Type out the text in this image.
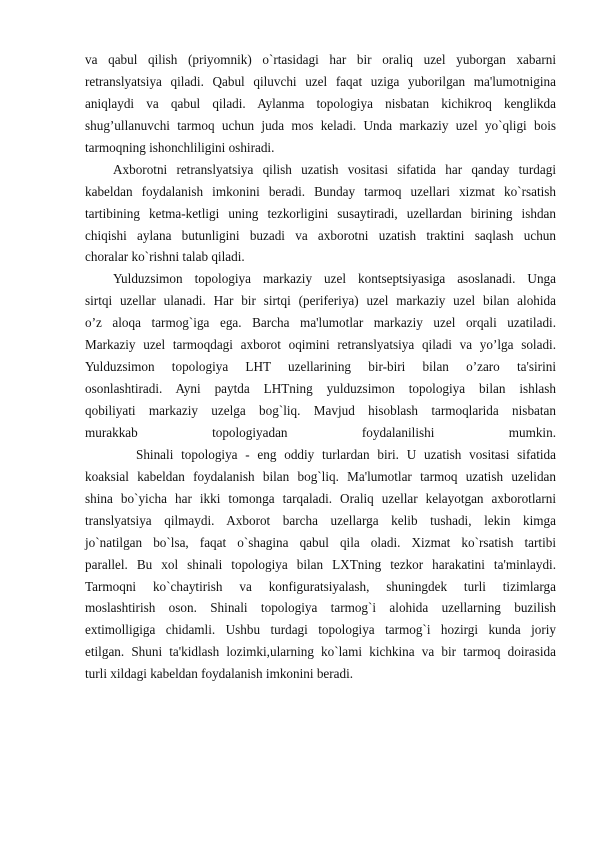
va qabul qilish (priyomnik) o`rtasidagi har bir oraliq uzel yuborgan xabarni
retranslyatsiya qiladi. Qabul qiluvchi uzel faqat uziga yuborilgan ma'lumotnigina
aniqlaydi va qabul qiladi. Aylanma topologiya nisbatan kichikroq kenglikda
shug’ullanuvchi tarmoq uchun juda mos keladi. Unda markaziy uzel yo`qligi bois
tarmoqning ishonchliligini oshiradi.
Axborotni retranslyatsiya qilish uzatish vositasi sifatida har qanday turdagi
kabeldan foydalanish imkonini beradi. Bunday tarmoq uzellari xizmat ko`rsatish
tartibining ketma-ketligi uning tezkorligini susaytiradi, uzellardan birining ishdan
chiqishi aylana butunligini buzadi va axborotni uzatish traktini saqlash uchun
choralar ko`rishni talab qiladi.
Yulduzsimon topologiya markaziy uzel kontseptsiyasiga asoslanadi. Unga
sirtqi uzellar ulanadi. Har bir sirtqi (periferiya) uzel markaziy uzel bilan alohida
o’z aloqa tarmog`iga ega. Barcha ma'lumotlar markaziy uzel orqali uzatiladi.
Markaziy uzel tarmoqdagi axborot oqimini retranslyatsiya qiladi va yo’lga soladi.
Yulduzsimon topologiya LHT uzellarining bir-biri bilan o’zaro ta'sirini
osonlashtiradi. Ayni paytda LHTning yulduzsimon topologiya bilan ishlash
qobiliyati markaziy uzelga bog`liq. Mavjud hisoblash tarmoqlarida nisbatan
murakkab topologiyadan foydalanilishi mumkin.
Shinali topologiya - eng oddiy turlardan biri. U uzatish vositasi sifatida
koaksial kabeldan foydalanish bilan bog`liq. Ma'lumotlar tarmoq uzatish uzelidan
shina bo`yicha har ikki tomonga tarqaladi. Oraliq uzellar kelayotgan axborotlarni
translyatsiya qilmaydi. Axborot barcha uzellarga kelib tushadi, lekin kimga
jo`natilgan bo`lsa, faqat o`shagina qabul qila oladi. Xizmat ko`rsatish tartibi
parallel. Bu xol shinali topologiya bilan LXTning tezkor harakatini ta'minlaydi.
Tarmoqni ko`chaytirish va konfiguratsiyalash, shuningdek turli tizimlarga
moslashtirish oson. Shinali topologiya tarmog`i alohida uzellarning buzilish
extimolligiga chidamli. Ushbu turdagi topologiya tarmog`i hozirgi kunda joriy
etilgan. Shuni ta'kidlash lozimki,ularning ko`lami kichkina va bir tarmoq doirasida
turli xildagi kabeldan foydalanish imkonini beradi.
